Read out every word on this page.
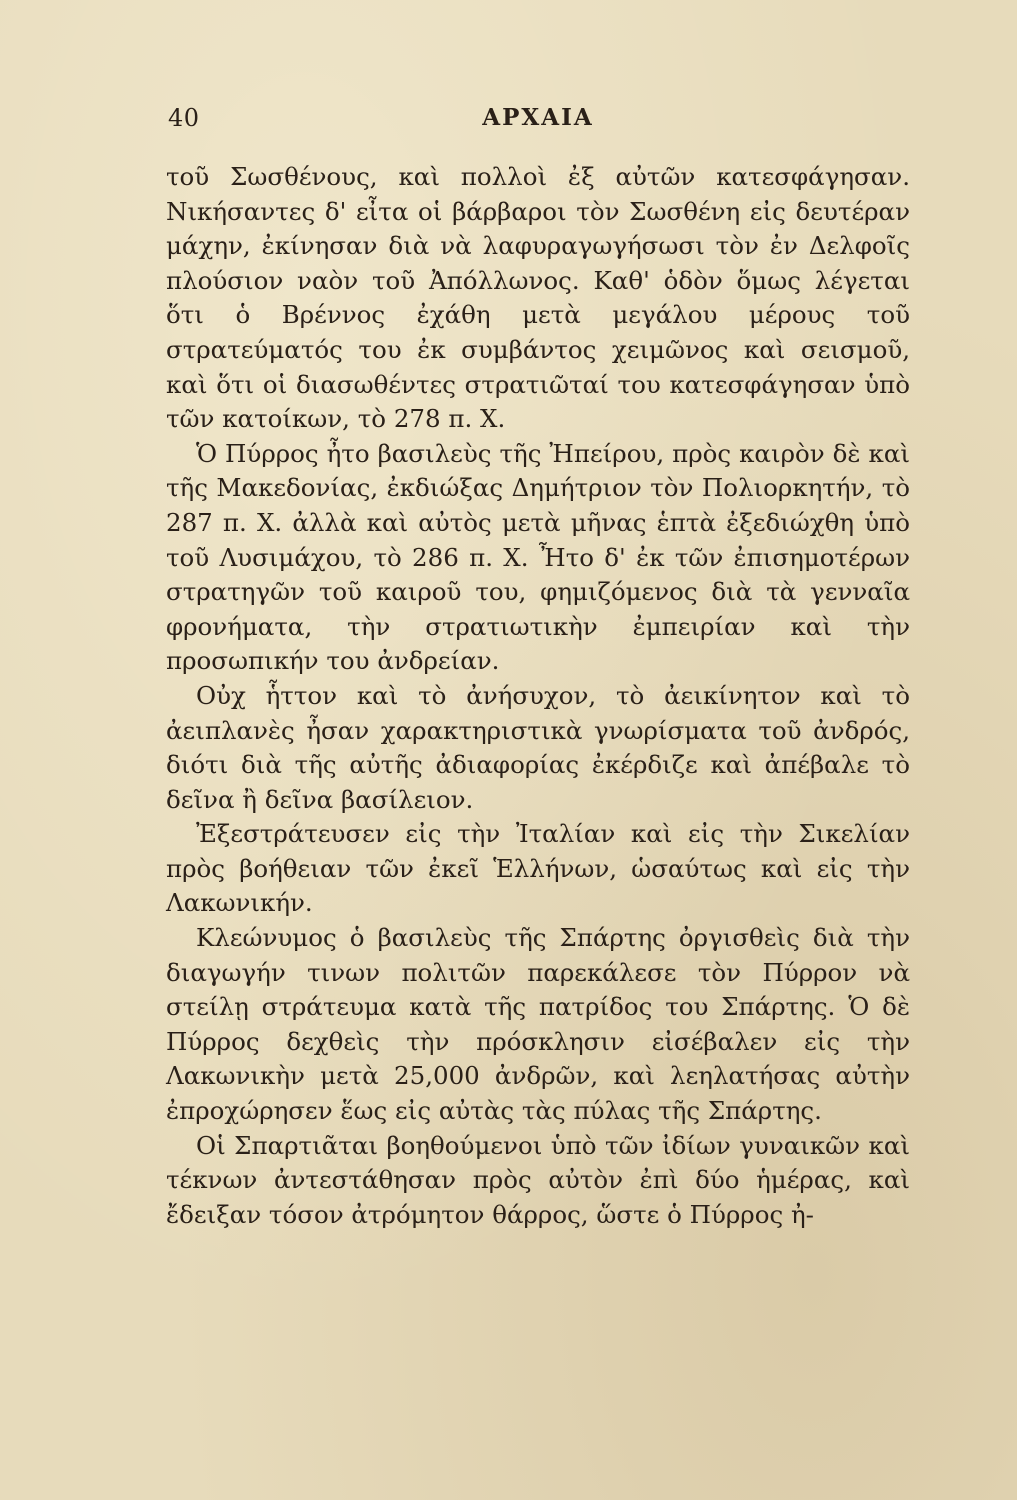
40	ΑΡΧΑΙΑ

τοῦ Σωσθένους, καὶ πολλοὶ ἐξ αὐτῶν κατεσφάγησαν. Νικήσαντες δ' εἶτα οἱ βάρβαροι τὸν Σωσθένη εἰς δευτέραν μάχην, ἐκίνησαν διὰ νὰ λαφυραγωγήσωσι τὸν ἐν Δελφοῖς πλούσιον ναὸν τοῦ Ἀπόλλωνος. Καθ' ὁδὸν ὅμως λέγεται ὅτι ὁ Βρέννος ἐχάθη μετὰ μεγάλου μέρους τοῦ στρατεύματός του ἐκ συμβάντος χειμῶνος καὶ σεισμοῦ, καὶ ὅτι οἱ διασωθέντες στρατιῶταί του κατεσφάγησαν ὑπὸ τῶν κατοίκων, τὸ 278 π. Χ.

Ὁ Πύρρος ἦτο βασιλεὺς τῆς Ἠπείρου, πρὸς καιρὸν δὲ καὶ τῆς Μακεδονίας, ἐκδιώξας Δημήτριον τὸν Πολιορκητήν, τὸ 287 π. Χ. ἀλλὰ καὶ αὐτὸς μετὰ μῆνας ἑπτὰ ἐξεδιώχθη ὑπὸ τοῦ Λυσιμάχου, τὸ 286 π. Χ. Ἦτο δ' ἐκ τῶν ἐπισημοτέρων στρατηγῶν τοῦ καιροῦ του, φημιζόμενος διὰ τὰ γενναῖα φρονήματα, τὴν στρατιωτικὴν ἐμπειρίαν καὶ τὴν προσωπικήν του ἀνδρείαν.

Οὐχ ἧττον καὶ τὸ ἀνήσυχον, τὸ ἀεικίνητον καὶ τὸ ἀειπλανὲς ἦσαν χαρακτηριστικὰ γνωρίσματα τοῦ ἀνδρός, διότι διὰ τῆς αὐτῆς ἀδιαφορίας ἐκέρδιζε καὶ ἀπέβαλε τὸ δεῖνα ἢ δεῖνα βασίλειον.

Ἐξεστράτευσεν εἰς τὴν Ἰταλίαν καὶ εἰς τὴν Σικελίαν πρὸς βοήθειαν τῶν ἐκεῖ Ἑλλήνων, ὡσαύτως καὶ εἰς τὴν Λακωνικήν.

Κλεώνυμος ὁ βασιλεὺς τῆς Σπάρτης ὀργισθεὶς διὰ τὴν διαγωγήν τινων πολιτῶν παρεκάλεσε τὸν Πύρρον νὰ στείλῃ στράτευμα κατὰ τῆς πατρίδος του Σπάρτης. Ὁ δὲ Πύρρος δεχθεὶς τὴν πρόσκλησιν εἰσέβαλεν εἰς τὴν Λακωνικὴν μετὰ 25,000 ἀνδρῶν, καὶ λεηλατήσας αὐτὴν ἐπροχώρησεν ἕως εἰς αὐτὰς τὰς πύλας τῆς Σπάρτης.

Οἱ Σπαρτιᾶται βοηθούμενοι ὑπὸ τῶν ἰδίων γυναικῶν καὶ τέκνων ἀντεστάθησαν πρὸς αὐτὸν ἐπὶ δύο ἡμέρας, καὶ ἔδειξαν τόσον ἀτρόμητον θάρρος, ὥστε ὁ Πύρρος ἠ-
